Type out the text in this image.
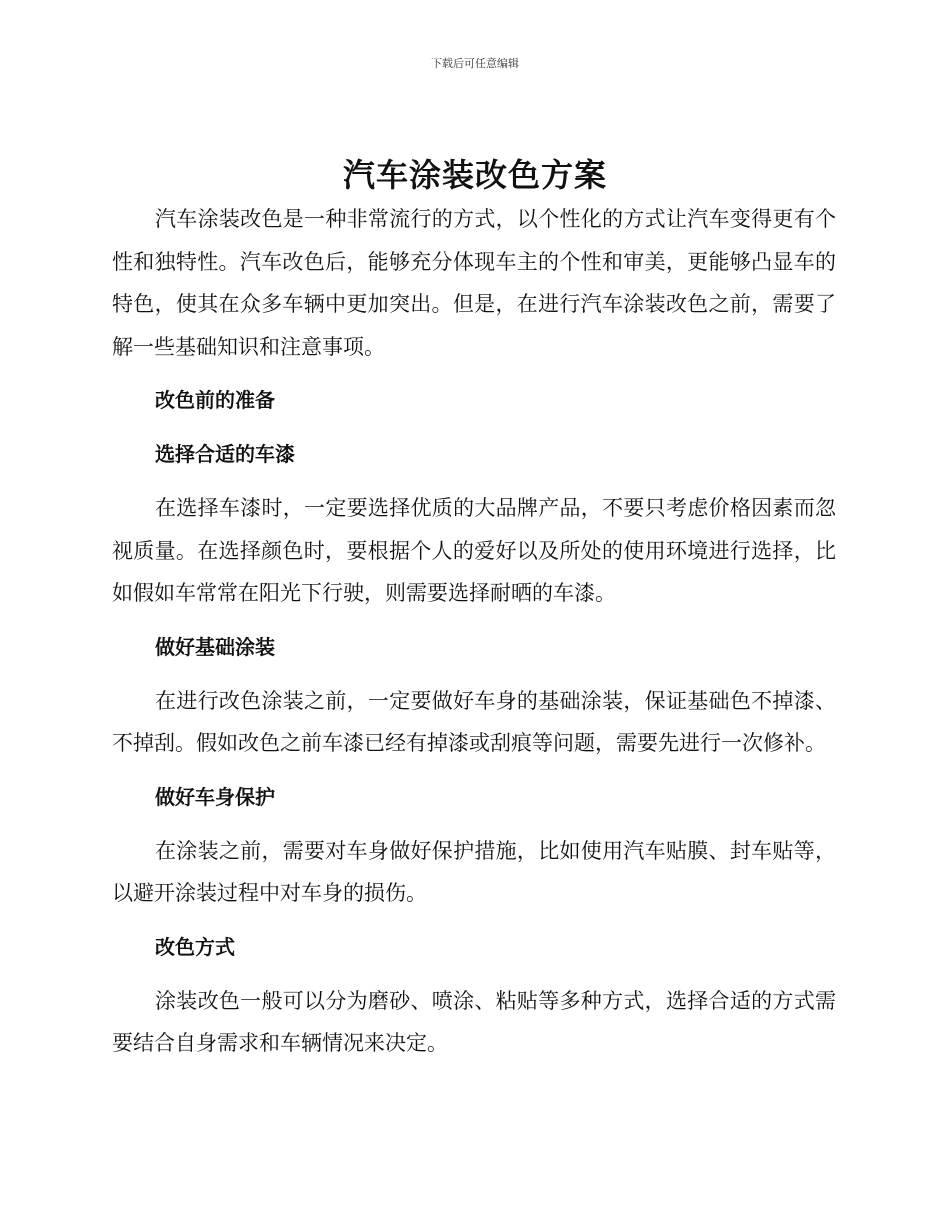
下载后可任意编辑
汽车涂装改色方案

汽车涂装改色是一种非常流行的方式，以个性化的方式让汽车变得更有个性和独特性。汽车改色后，能够充分体现车主的个性和审美，更能够凸显车的特色，使其在众多车辆中更加突出。但是，在进行汽车涂装改色之前，需要了解一些基础知识和注意事项。

改色前的准备
选择合适的车漆

在选择车漆时，一定要选择优质的大品牌产品，不要只考虑价格因素而忽视质量。在选择颜色时，要根据个人的爱好以及所处的使用环境进行选择，比如假如车常常在阳光下行驶，则需要选择耐晒的车漆。

做好基础涂装

在进行改色涂装之前，一定要做好车身的基础涂装，保证基础色不掉漆、不掉刮。假如改色之前车漆已经有掉漆或刮痕等问题，需要先进行一次修补。

做好车身保护

在涂装之前，需要对车身做好保护措施，比如使用汽车贴膜、封车贴等，以避开涂装过程中对车身的损伤。

改色方式

涂装改色一般可以分为磨砂、喷涂、粘贴等多种方式，选择合适的方式需要结合自身需求和车辆情况来决定。
